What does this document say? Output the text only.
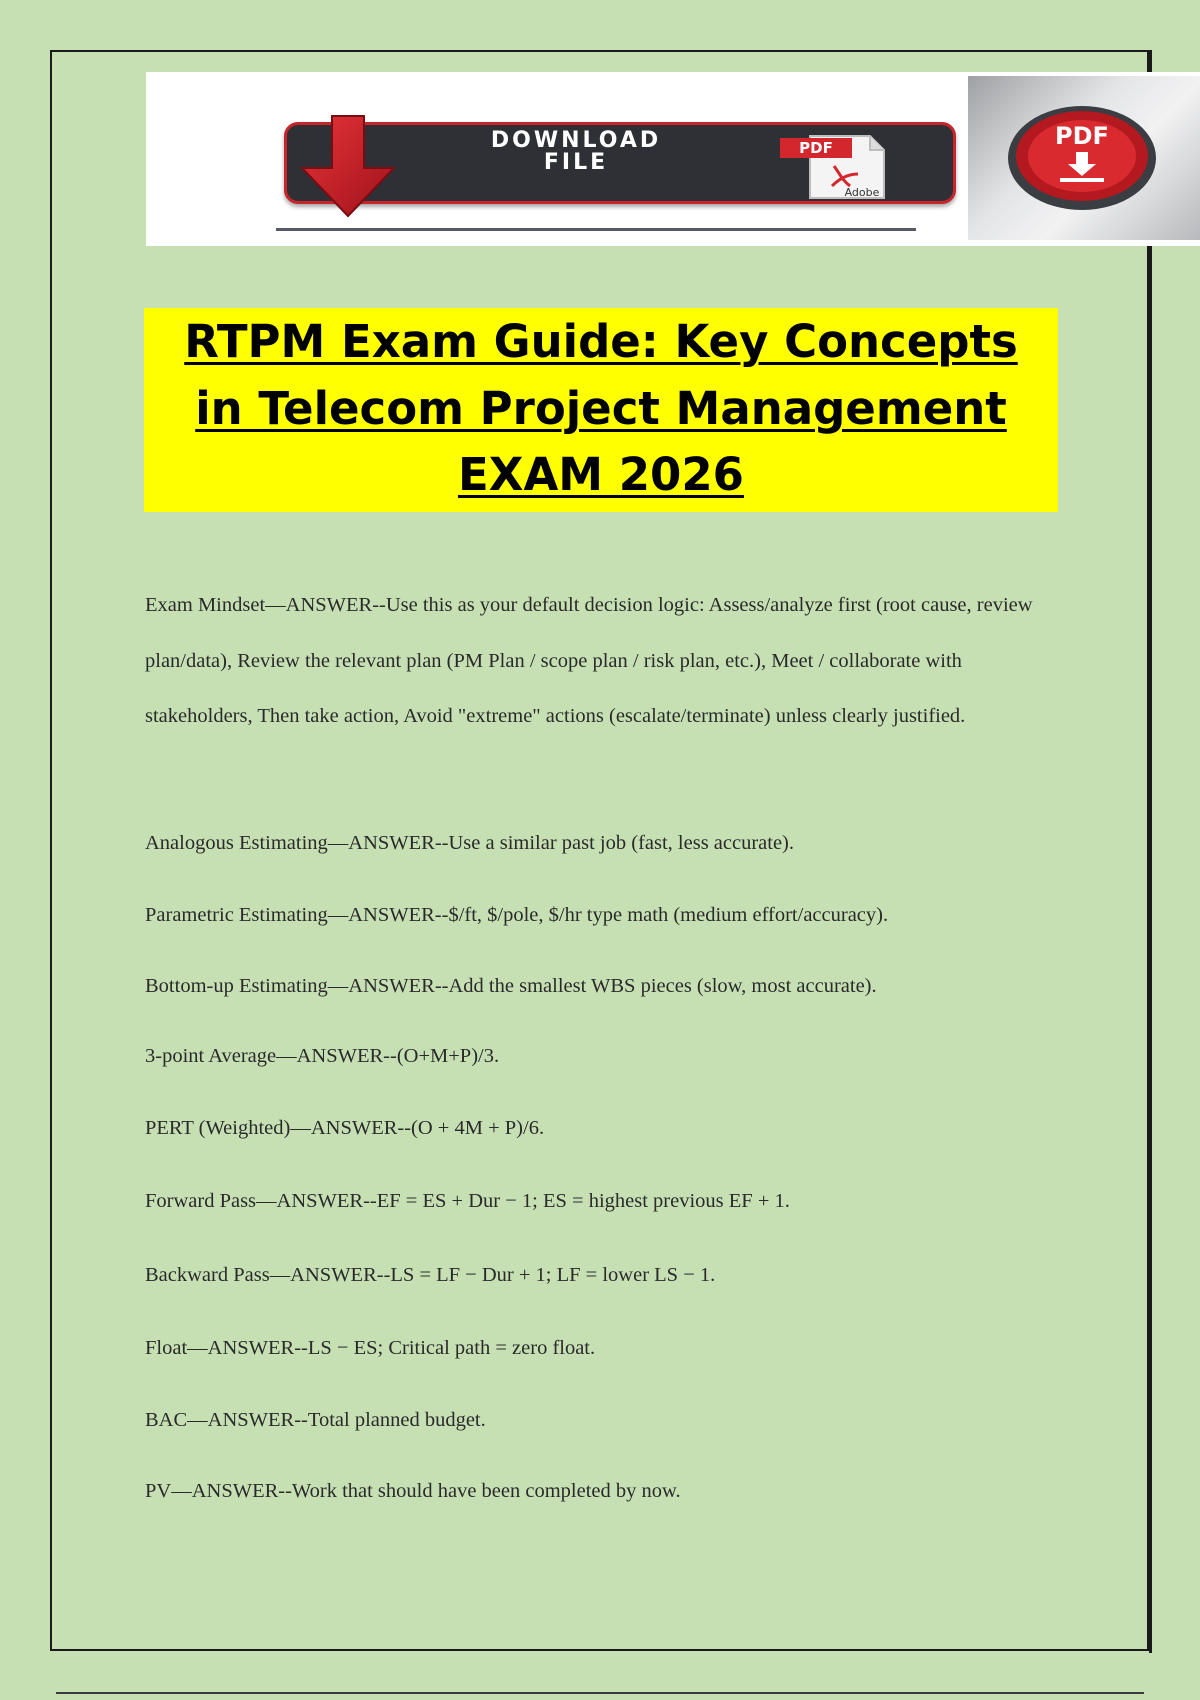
DOWNLOAD
FILE
PDF
Adobe
PDF
RTPM Exam Guide: Key Concepts
in Telecom Project Management
EXAM 2026

Exam Mindset—ANSWER--Use this as your default decision logic: Assess/analyze first (root cause, review plan/data), Review the relevant plan (PM Plan / scope plan / risk plan, etc.), Meet / collaborate with stakeholders, Then take action, Avoid "extreme" actions (escalate/terminate) unless clearly justified.

Analogous Estimating—ANSWER--Use a similar past job (fast, less accurate).

Parametric Estimating—ANSWER--$/ft, $/pole, $/hr type math (medium effort/accuracy).

Bottom-up Estimating—ANSWER--Add the smallest WBS pieces (slow, most accurate).

3-point Average—ANSWER--(O+M+P)/3.

PERT (Weighted)—ANSWER--(O + 4M + P)/6.

Forward Pass—ANSWER--EF = ES + Dur − 1; ES = highest previous EF + 1.

Backward Pass—ANSWER--LS = LF − Dur + 1; LF = lower LS − 1.

Float—ANSWER--LS − ES; Critical path = zero float.

BAC—ANSWER--Total planned budget.

PV—ANSWER--Work that should have been completed by now.
